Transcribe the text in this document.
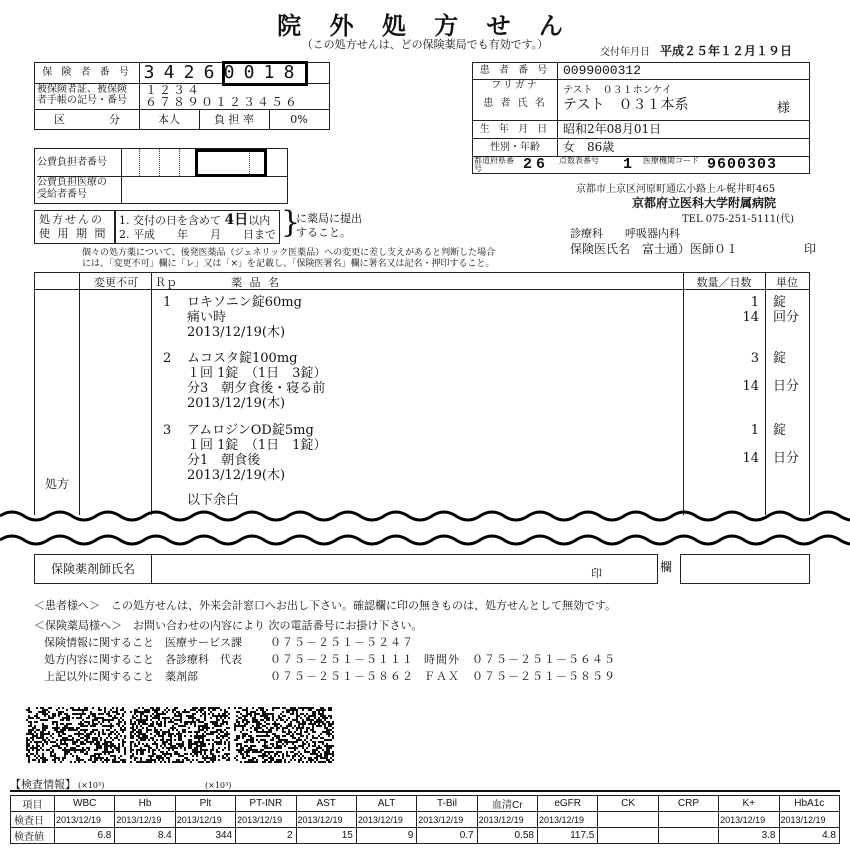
院 外 処 方 せ ん
（この処方せんは、どの保険薬局でも有効です。）
交付年月日 平成２５年１２月１９日
保 険 者 番 号 3 4 2 6 0 0 1 8
被保険者証、被保険
者手帳の記号・番号
１２３４
６７８９０１２３４５６
区　　　　分	本人	負 担 率	0%
公費負担者番号
公費負担医療の
受給者番号
処方せんの
使 用 期 間
1. 交付の日を含めて 4日以内
2. 平成　　年　　月　　日まで }
に薬局に提出
すること。
患 者 番 号 0099000312
フリガナ
患 者 氏 名
テスト　０３１ホンケイ
テスト　０３１本系	様
生 年 月 日	昭和2年08月01日
性別・年齢	女　86歳
都道府県番号	26 点数表番号	1 医療機関コード 9600303
京都市上京区河原町通広小路上ル梶井町465
京都府立医科大学附属病院
TEL 075-251-5111(代)
診療科　　 呼吸器内科
保険医氏名　 富士通）医師０１	印
個々の処方薬について、後発医薬品（ジェネリック医薬品）への変更に差し支えがあると判断した場合
には、「変更不可」欄に「レ」又は「×」を記載し、「保険医署名」欄に署名又は記名・押印すること。
変更不可	Ｒｐ	薬 品 名	数量／日数	単位
処方
1 ロキソニン錠60mg
痛い時
2013/12/19(木)
1 錠
14 回分
2 ムコスタ錠100mg
１回 1錠　（1日　3錠）
分3　朝夕食後・寝る前
2013/12/19(木)
3 錠
14 日分
3 アムロジンOD錠5mg
１回 1錠　（1日　1錠）
分1　朝食後
2013/12/19(木)
1 錠
14 日分
以下余白
保険薬剤師氏名	印	欄
＜患者様へ＞　この処方せんは、外来会計窓口へお出し下さい。確認欄に印の無きものは、処方せんとして無効です。
＜保険薬局様へ＞　お問い合わせの内容により 次の電話番号にお掛け下さい。
保険情報に関すること　医療サービス課	０７５－２５１－５２４７
処方内容に関すること　各診療科　代表	０７５－２５１－５１１１ 時間外　０７５－２５１－５６４５
上記以外に関すること　薬剤部	０７５－２５１－５８６２ ＦＡＸ　０７５－２５１－５８５９
【検査情報】 (×10³)	(×10³)
項目	WBC	Hb	Plt	PT-INR	AST	ALT	T-Bil	血清Cr	eGFR	CK	CRP	K+	HbA1c
検査日	2013/12/19	2013/12/19	2013/12/19	2013/12/19	2013/12/19	2013/12/19	2013/12/19	2013/12/19	2013/12/19			2013/12/19	2013/12/19
検査値	6.8	8.4	344	2	15	9	0.7	0.58	117.5			3.8	4.8
